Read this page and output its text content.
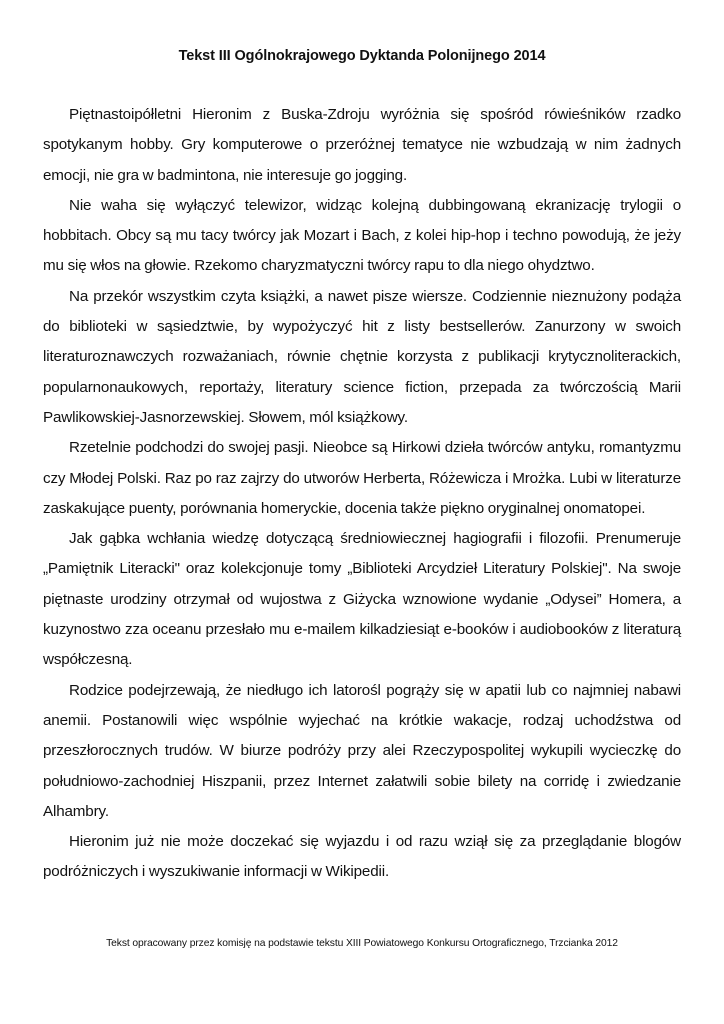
Tekst III Ogólnokrajowego Dyktanda Polonijnego 2014

Piętnastoipółletni Hieronim z Buska-Zdroju wyróżnia się spośród rówieśników rzadko spotykanym hobby. Gry komputerowe o przeróżnej tematyce nie wzbudzają w nim żadnych emocji, nie gra w badmintona, nie interesuje go jogging.

Nie waha się wyłączyć telewizor, widząc kolejną dubbingowaną ekranizację trylogii o hobbitach. Obcy są mu tacy twórcy jak Mozart i Bach, z kolei hip-hop i techno powodują, że jeży mu się włos na głowie. Rzekomo charyzmatyczni twórcy rapu to dla niego ohydztwo.

Na przekór wszystkim czyta książki, a nawet pisze wiersze. Codziennie nieznużony podąża do biblioteki w sąsiedztwie, by wypożyczyć hit z listy bestsellerów. Zanurzony w swoich literaturoznawczych rozważaniach, równie chętnie korzysta z publikacji krytycznoliterackich, popularnonaukowych, reportaży, literatury science fiction, przepada za twórczością Marii Pawlikowskiej-Jasnorzewskiej. Słowem, mól książkowy.

Rzetelnie podchodzi do swojej pasji. Nieobce są Hirkowi dzieła twórców antyku, romantyzmu czy Młodej Polski. Raz po raz zajrzy do utworów Herberta, Różewicza i Mrożka. Lubi w literaturze zaskakujące puenty, porównania homeryckie, docenia także piękno oryginalnej onomatopei.

Jak gąbka wchłania wiedzę dotyczącą średniowiecznej hagiografii i filozofii. Prenumeruje „Pamiętnik Literacki" oraz kolekcjonuje tomy „Biblioteki Arcydzieł Literatury Polskiej". Na swoje piętnaste urodziny otrzymał od wujostwa z Giżycka wznowione wydanie „Odysei” Homera, a kuzynostwo zza oceanu przesłało mu e-mailem kilkadziesiąt e-booków i audiobooków z literaturą współczesną.

Rodzice podejrzewają, że niedługo ich latorośl pogrąży się w apatii lub co najmniej nabawi anemii. Postanowili więc wspólnie wyjechać na krótkie wakacje, rodzaj uchodźstwa od przeszłorocznych trudów. W biurze podróży przy alei Rzeczypospolitej wykupili wycieczkę do południowo-zachodniej Hiszpanii, przez Internet załatwili sobie bilety na corridę i zwiedzanie Alhambry.

Hieronim już nie może doczekać się wyjazdu i od razu wziął się za przeglądanie blogów podróżniczych i wyszukiwanie informacji w Wikipedii.

Tekst opracowany przez komisję na podstawie tekstu XIII Powiatowego Konkursu Ortograficznego, Trzcianka 2012
